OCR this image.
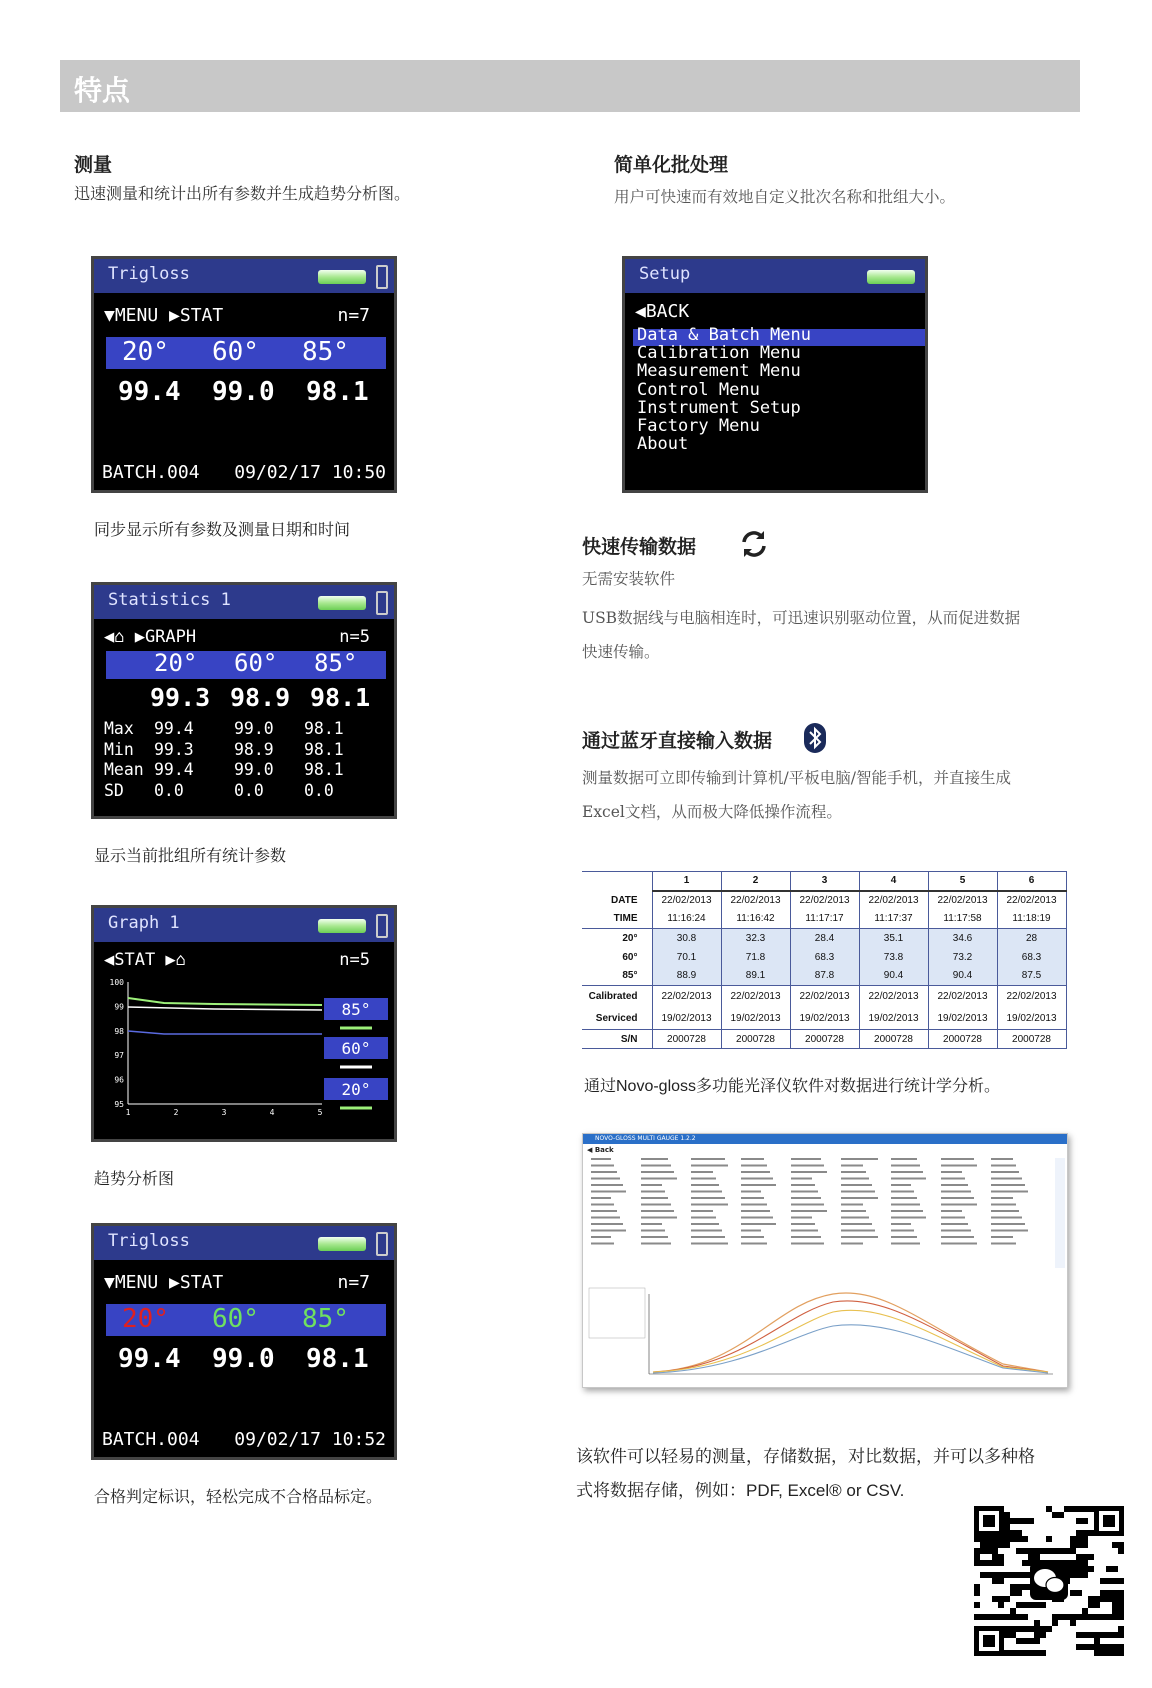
特点
测量
迅速测量和统计出所有参数并生成趋势分析图。
简单化批处理
用户可快速而有效地自定义批次名称和批组大小。
Trigloss
▼MENU ▶STAT	n=7
20° 60° 85°
99.4 99.0 98.1
BATCH.004 09/02/17 10:50
同步显示所有参数及测量日期和时间
Setup
◀BACK
Data & Batch Menu
Calibration Menu
Measurement Menu
Control Menu
Instrument Setup
Factory Menu
About
Statistics 1
◀⌂ ▶GRAPH	n=5
20° 60° 85°
99.3 98.9 98.1
Max 99.4 99.0 98.1
Min 99.3 98.9 98.1
Mean 99.4 99.0 98.1
SD 0.0	0.0 0.0
显示当前批组所有统计参数
Graph 1
◀STAT ▶⌂	n=5
100
99
98
97
96
95
1	2	3	4	5
85°
60°
20°
趋势分析图
Trigloss
▼MENU ▶STAT	n=7
20° 60° 85°
99.4 99.0 98.1
BATCH.004 09/02/17 10:52
合格判定标识，轻松完成不合格品标定。
快速传输数据
无需安装软件
USB数据线与电脑相连时，可迅速识别驱动位置，从而促进数据
快速传输。
通过蓝牙直接输入数据
测量数据可立即传输到计算机/平板电脑/智能手机，并直接生成
Excel文档，从而极大降低操作流程。
	1	2	3	4	5	6
DATE	22/02/2013	22/02/2013	22/02/2013	22/02/2013	22/02/2013	22/02/2013
TIME	11:16:24	11:16:42	11:17:17	11:17:37	11:17:58	11:18:19
20°	30.8	32.3	28.4	35.1	34.6	28
60°	70.1	71.8	68.3	73.8	73.2	68.3
85°	88.9	89.1	87.8	90.4	90.4	87.5
Calibrated	22/02/2013	22/02/2013	22/02/2013	22/02/2013	22/02/2013	22/02/2013
Serviced	19/02/2013	19/02/2013	19/02/2013	19/02/2013	19/02/2013	19/02/2013
S/N	2000728	2000728	2000728	2000728	2000728	2000728
通过Novo-gloss多功能光泽仪软件对数据进行统计学分析。
NOVO-GLOSS MULTI GAUGE 1.2.2
◀ Back
该软件可以轻易的测量，存储数据，对比数据，并可以多种格
式将数据存储，例如：PDF, Excel® or CSV.
